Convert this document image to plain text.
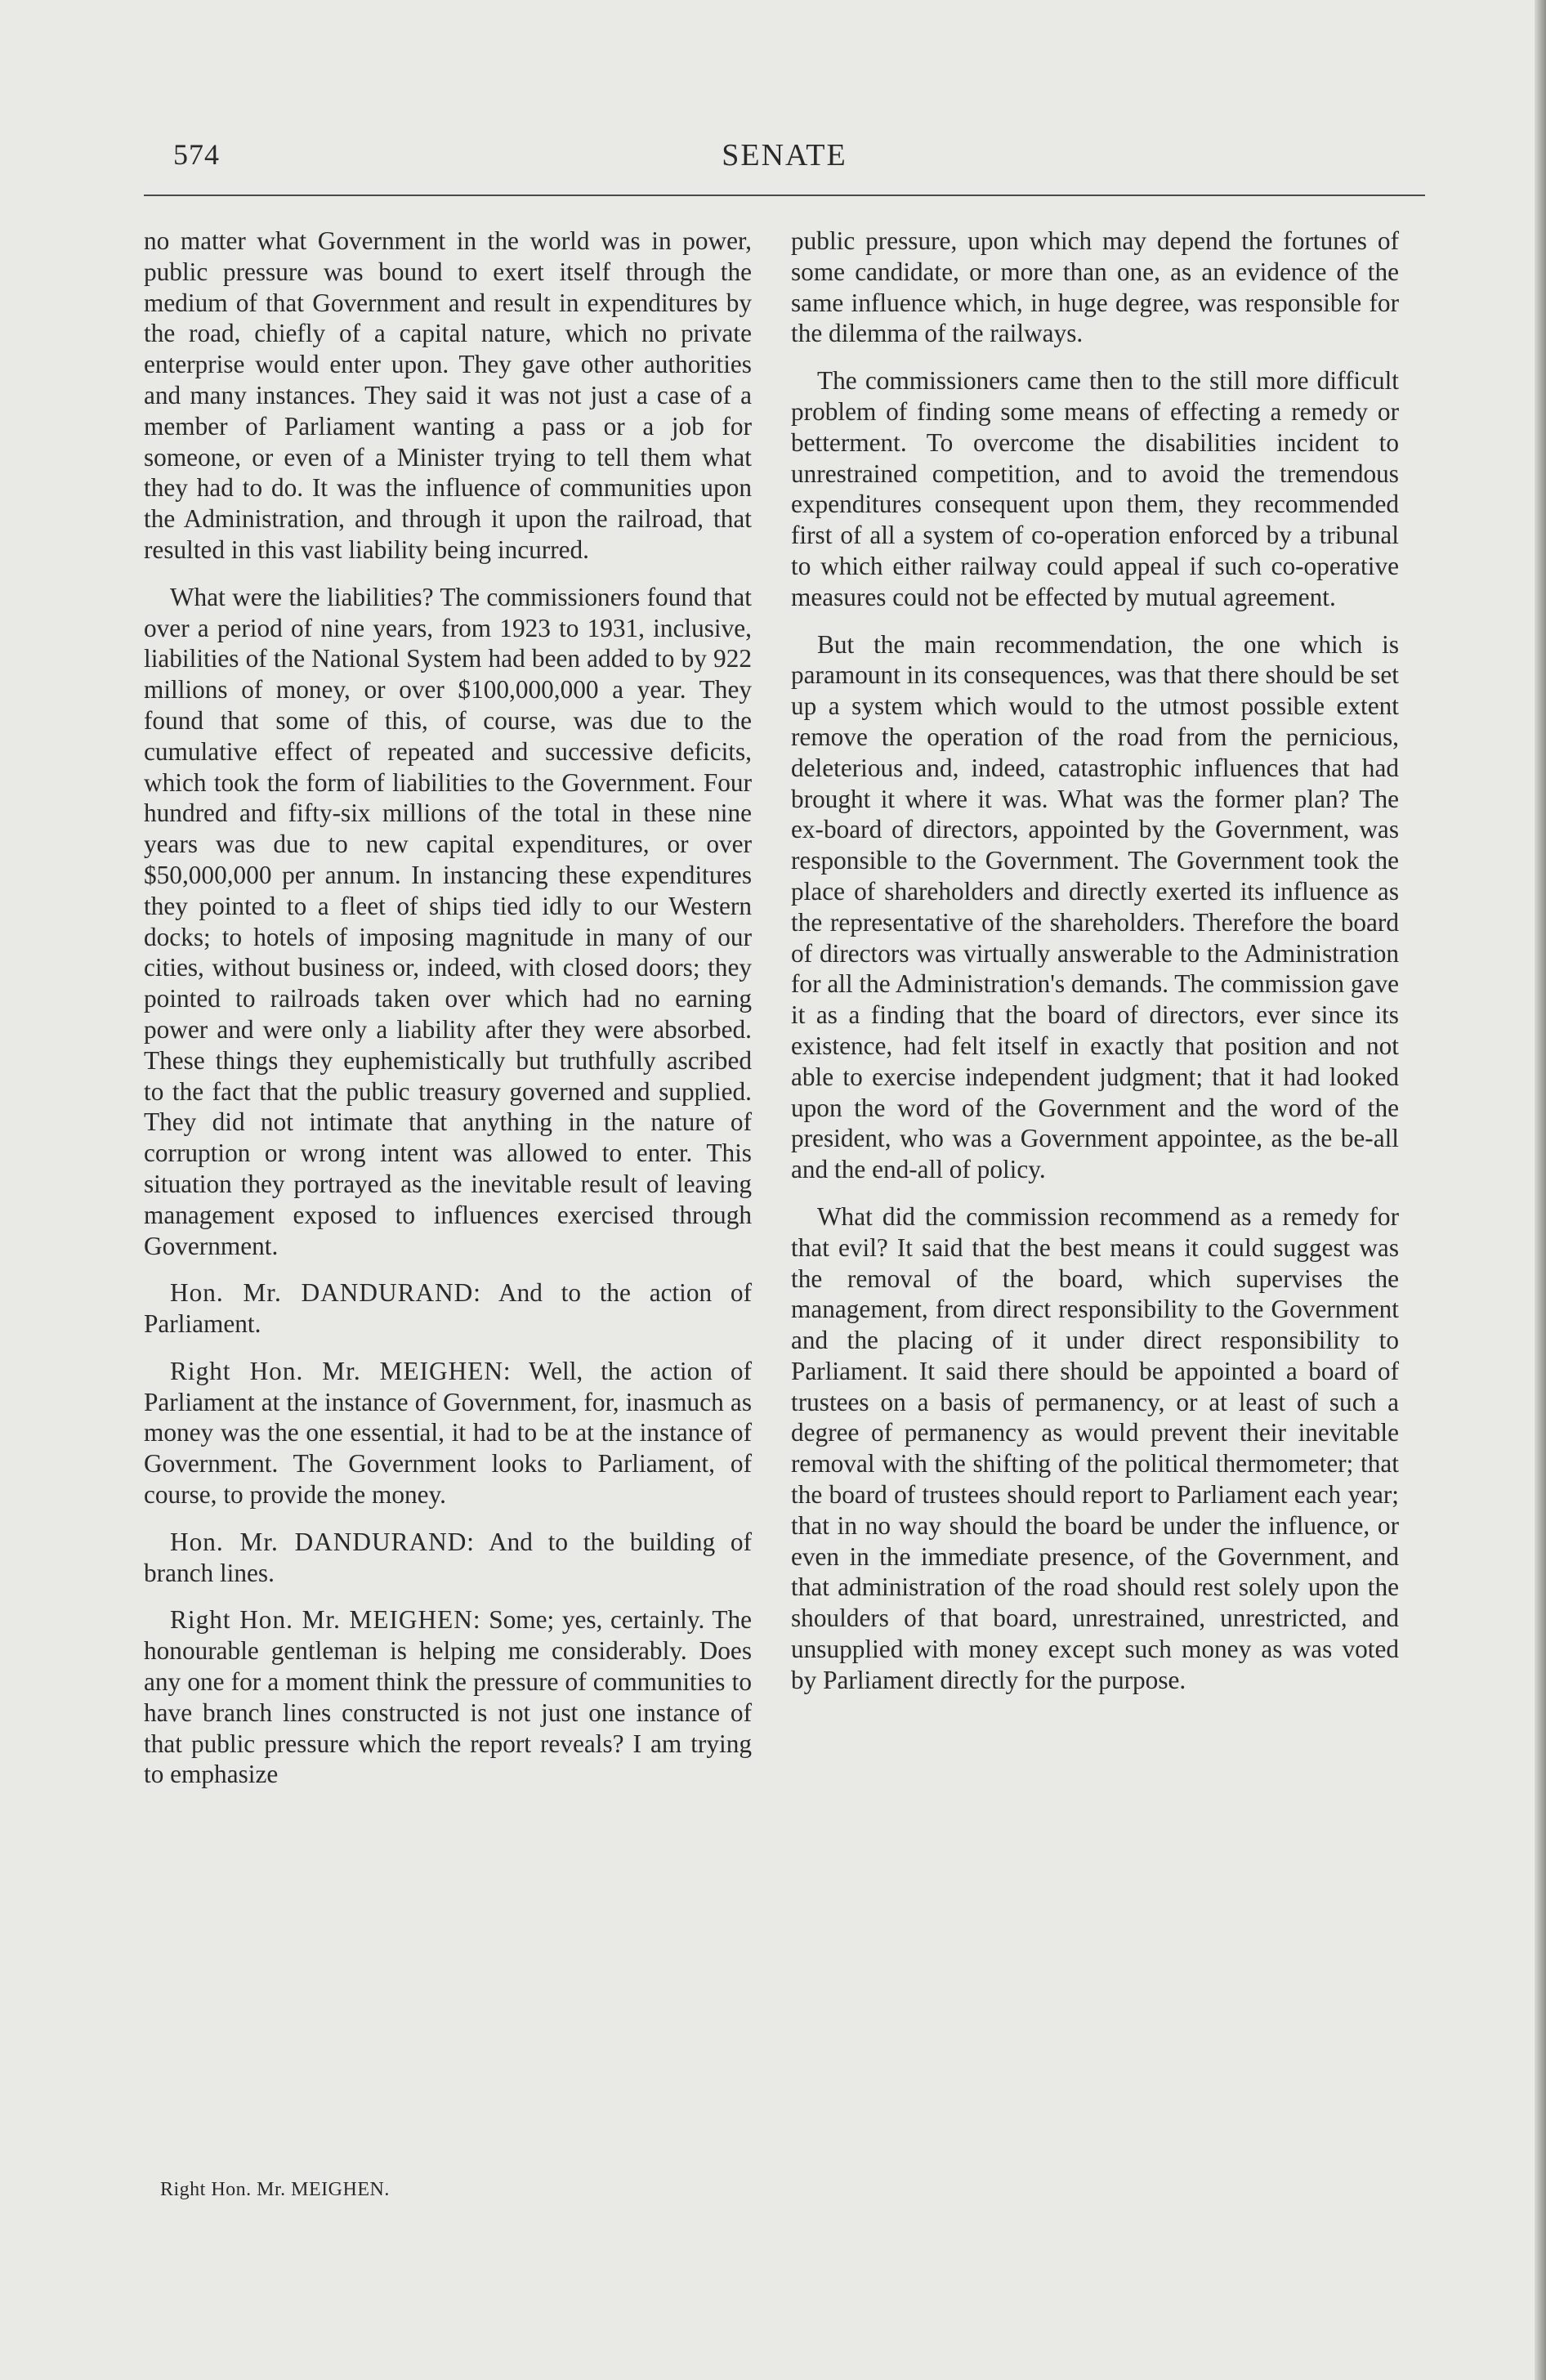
574	SENATE

no matter what Government in the world was in power, public pressure was bound to exert itself through the medium of that Government and result in expenditures by the road, chiefly of a capital nature, which no private enterprise would enter upon. They gave other authorities and many instances. They said it was not just a case of a member of Parliament wanting a pass or a job for someone, or even of a Minister trying to tell them what they had to do. It was the influence of communities upon the Administration, and through it upon the railroad, that resulted in this vast liability being incurred.

What were the liabilities? The commissioners found that over a period of nine years, from 1923 to 1931, inclusive, liabilities of the National System had been added to by 922 millions of money, or over $100,000,000 a year. They found that some of this, of course, was due to the cumulative effect of repeated and successive deficits, which took the form of liabilities to the Government. Four hundred and fifty-six millions of the total in these nine years was due to new capital expenditures, or over $50,000,000 per annum. In instancing these expenditures they pointed to a fleet of ships tied idly to our Western docks; to hotels of imposing magnitude in many of our cities, without business or, indeed, with closed doors; they pointed to railroads taken over which had no earning power and were only a liability after they were absorbed. These things they euphemistically but truthfully ascribed to the fact that the public treasury governed and supplied. They did not intimate that anything in the nature of corruption or wrong intent was allowed to enter. This situation they portrayed as the inevitable result of leaving management exposed to influences exercised through Government.

Hon. Mr. DANDURAND: And to the action of Parliament.

Right Hon. Mr. MEIGHEN: Well, the action of Parliament at the instance of Government, for, inasmuch as money was the one essential, it had to be at the instance of Government. The Government looks to Parliament, of course, to provide the money.

Hon. Mr. DANDURAND: And to the building of branch lines.

Right Hon. Mr. MEIGHEN: Some; yes, certainly. The honourable gentleman is helping me considerably. Does any one for a moment think the pressure of communities to have branch lines constructed is not just one instance of that public pressure which the report reveals? I am trying to emphasize

public pressure, upon which may depend the fortunes of some candidate, or more than one, as an evidence of the same influence which, in huge degree, was responsible for the dilemma of the railways.

The commissioners came then to the still more difficult problem of finding some means of effecting a remedy or betterment. To overcome the disabilities incident to unrestrained competition, and to avoid the tremendous expenditures consequent upon them, they recommended first of all a system of co-operation enforced by a tribunal to which either railway could appeal if such co-operative measures could not be effected by mutual agreement.

But the main recommendation, the one which is paramount in its consequences, was that there should be set up a system which would to the utmost possible extent remove the operation of the road from the pernicious, deleterious and, indeed, catastrophic influences that had brought it where it was. What was the former plan? The ex-board of directors, appointed by the Government, was responsible to the Government. The Government took the place of shareholders and directly exerted its influence as the representative of the shareholders. Therefore the board of directors was virtually answerable to the Administration for all the Administration's demands. The commission gave it as a finding that the board of directors, ever since its existence, had felt itself in exactly that position and not able to exercise independent judgment; that it had looked upon the word of the Government and the word of the president, who was a Government appointee, as the be-all and the end-all of policy.

What did the commission recommend as a remedy for that evil? It said that the best means it could suggest was the removal of the board, which supervises the management, from direct responsibility to the Government and the placing of it under direct responsibility to Parliament. It said there should be appointed a board of trustees on a basis of permanency, or at least of such a degree of permanency as would prevent their inevitable removal with the shifting of the political thermometer; that the board of trustees should report to Parliament each year; that in no way should the board be under the influence, or even in the immediate presence, of the Government, and that administration of the road should rest solely upon the shoulders of that board, unrestrained, unrestricted, and unsupplied with money except such money as was voted by Parliament directly for the purpose.

Right Hon. Mr. MEIGHEN.
